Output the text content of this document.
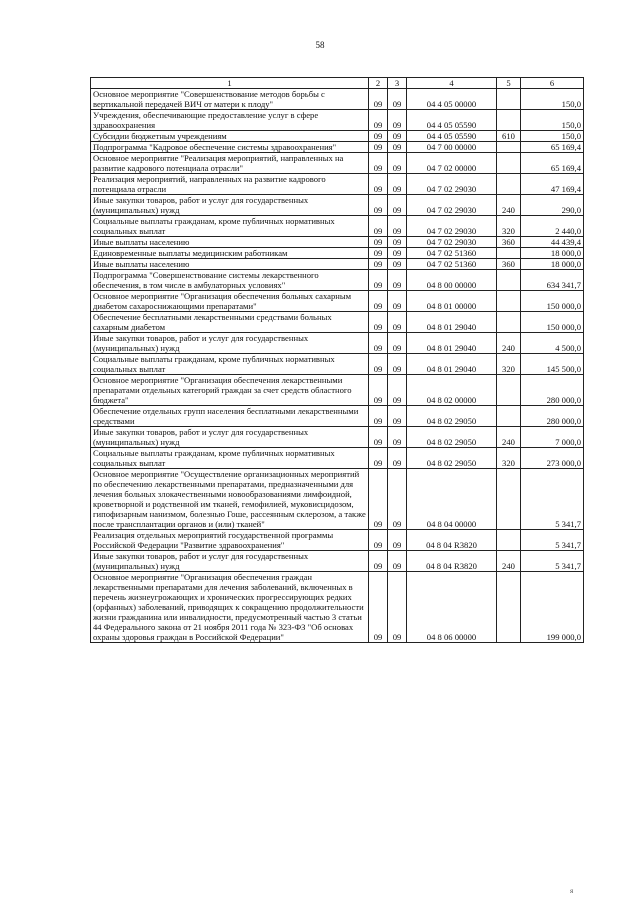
58
1	2	3	4	5	6
Основное мероприятие "Совершенствование методов борьбы с вертикальной передачей ВИЧ от матери к плоду"	09	09	04 4 05 00000		150,0
Учреждения, обеспечивающие предоставление услуг в сфере здравоохранения	09	09	04 4 05 05590		150,0
Субсидии бюджетным учреждениям	09	09	04 4 05 05590	610	150,0
Подпрограмма "Кадровое обеспечение системы здравоохранения"	09	09	04 7 00 00000		65 169,4
Основное мероприятие "Реализация мероприятий, направленных на развитие кадрового потенциала отрасли"	09	09	04 7 02 00000		65 169,4
Реализация мероприятий, направленных на развитие кадрового потенциала отрасли	09	09	04 7 02 29030		47 169,4
Иные закупки товаров, работ и услуг для государственных (муниципальных) нужд	09	09	04 7 02 29030	240	290,0
Социальные выплаты гражданам, кроме публичных нормативных социальных выплат	09	09	04 7 02 29030	320	2 440,0
Иные выплаты населению	09	09	04 7 02 29030	360	44 439,4
Единовременные выплаты медицинским работникам	09	09	04 7 02 51360		18 000,0
Иные выплаты населению	09	09	04 7 02 51360	360	18 000,0
Подпрограмма "Совершенствование системы лекарственного обеспечения, в том числе в амбулаторных условиях"	09	09	04 8 00 00000		634 341,7
Основное мероприятие "Организация обеспечения больных сахарным диабетом сахароснижающими препаратами"	09	09	04 8 01 00000		150 000,0
Обеспечение бесплатными лекарственными средствами больных сахарным диабетом	09	09	04 8 01 29040		150 000,0
Иные закупки товаров, работ и услуг для государственных (муниципальных) нужд	09	09	04 8 01 29040	240	4 500,0
Социальные выплаты гражданам, кроме публичных нормативных социальных выплат	09	09	04 8 01 29040	320	145 500,0
Основное мероприятие "Организация обеспечения лекарственными препаратами отдельных категорий граждан за счет средств областного бюджета"	09	09	04 8 02 00000		280 000,0
Обеспечение отдельных групп населения бесплатными лекарственными средствами	09	09	04 8 02 29050		280 000,0
Иные закупки товаров, работ и услуг для государственных (муниципальных) нужд	09	09	04 8 02 29050	240	7 000,0
Социальные выплаты гражданам, кроме публичных нормативных социальных выплат	09	09	04 8 02 29050	320	273 000,0
Основное мероприятие "Осуществление организационных мероприятий по обеспечению лекарственными препаратами, предназначенными для лечения больных злокачественными новообразованиями лимфоидной, кроветворной и родственной им тканей, гемофилией, муковисцидозом, гипофизарным нанизмом, болезнью Гоше, рассеянным склерозом, а также после трансплантации органов и (или) тканей"	09	09	04 8 04 00000		5 341,7
Реализация отдельных мероприятий государственной программы Российской Федерации "Развитие здравоохранения"	09	09	04 8 04 R3820		5 341,7
Иные закупки товаров, работ и услуг для государственных (муниципальных) нужд	09	09	04 8 04 R3820	240	5 341,7
Основное мероприятие "Организация обеспечения граждан лекарственными препаратами для лечения заболеваний, включенных в перечень жизнеугрожающих и хронических прогрессирующих редких (орфанных) заболеваний, приводящих к сокращению продолжительности жизни гражданина или инвалидности, предусмотренный частью 3 статьи 44 Федерального закона от 21 ноября 2011 года № 323-ФЗ "Об основах охраны здоровья граждан в Российской Федерации"	09	09	04 8 06 00000		199 000,0
я
